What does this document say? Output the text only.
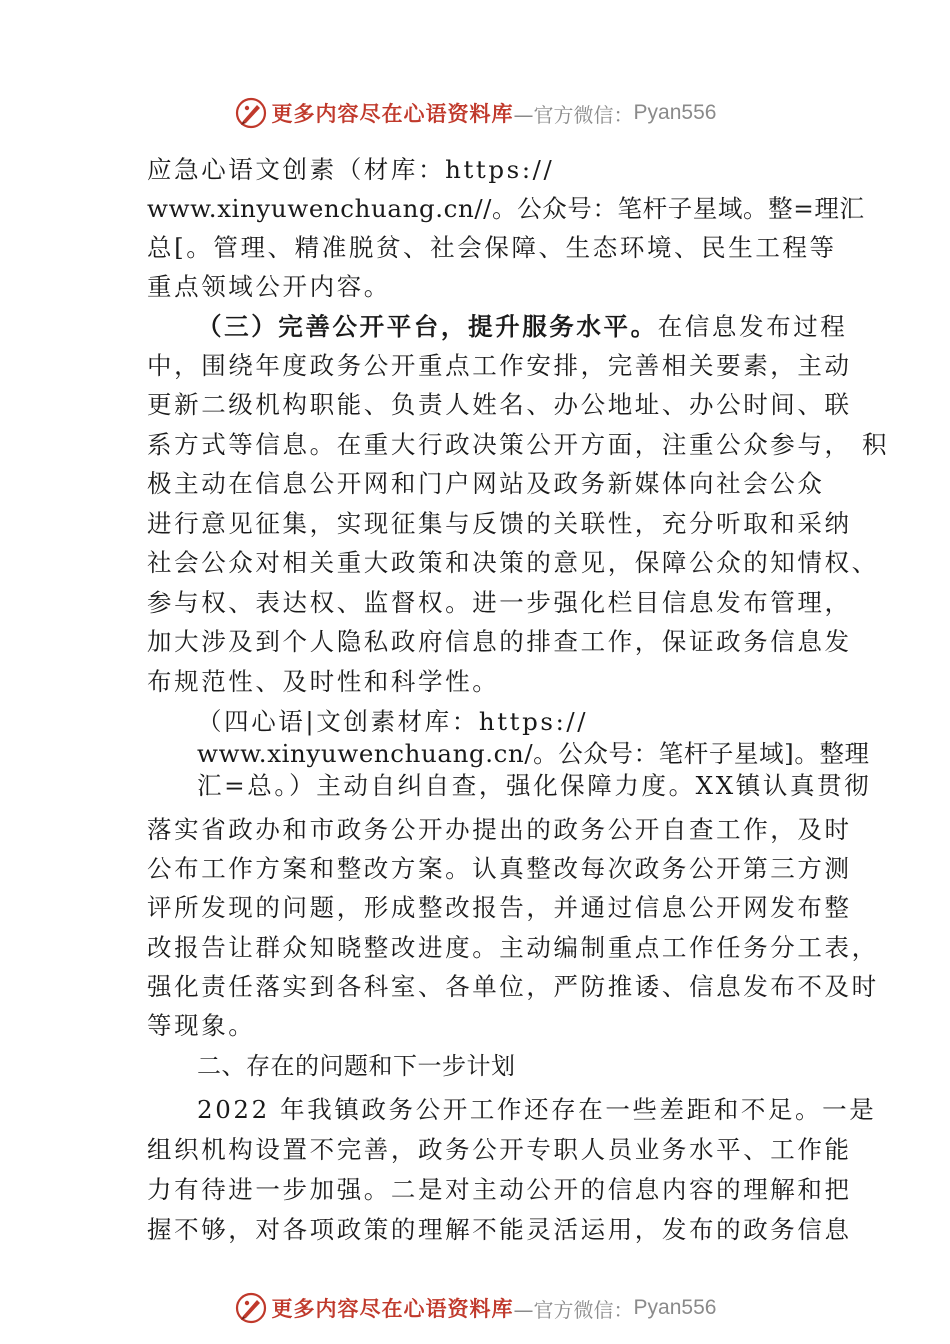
更多内容尽在心语资料库 —官方微信： Pyan556
应急心语文创素（材库：https://
www.xinyuwenchuang.cn//。公众号：笔杆子星域。整=理汇
总[。管理、精准脱贫、社会保障、生态环境、民生工程等
重点领域公开内容。
（三）完善公开平台，提升服务水平。在信息发布过程
中，围绕年度政务公开重点工作安排，完善相关要素，主动
更新二级机构职能、负责人姓名、办公地址、办公时间、联
系方式等信息。在重大行政决策公开方面，注重公众参与， 积
极主动在信息公开网和门户网站及政务新媒体向社会公众
进行意见征集，实现征集与反馈的关联性，充分听取和采纳
社会公众对相关重大政策和决策的意见，保障公众的知情权、
参与权、表达权、监督权。进一步强化栏目信息发布管理，
加大涉及到个人隐私政府信息的排查工作，保证政务信息发
布规范性、及时性和科学性。
（四心语|文创素材库：https://
www.xinyuwenchuang.cn/。公众号：笔杆子星域]。整理
汇=总。）主动自纠自查，强化保障力度。XX镇认真贯彻
落实省政办和市政务公开办提出的政务公开自查工作，及时
公布工作方案和整改方案。认真整改每次政务公开第三方测
评所发现的问题，形成整改报告，并通过信息公开网发布整
改报告让群众知晓整改进度。主动编制重点工作任务分工表，
强化责任落实到各科室、各单位，严防推诿、信息发布不及时
等现象。
二、存在的问题和下一步计划
2022 年我镇政务公开工作还存在一些差距和不足。一是
组织机构设置不完善，政务公开专职人员业务水平、工作能
力有待进一步加强。二是对主动公开的信息内容的理解和把
握不够，对各项政策的理解不能灵活运用，发布的政务信息
更多内容尽在心语资料库 —官方微信： Pyan556
